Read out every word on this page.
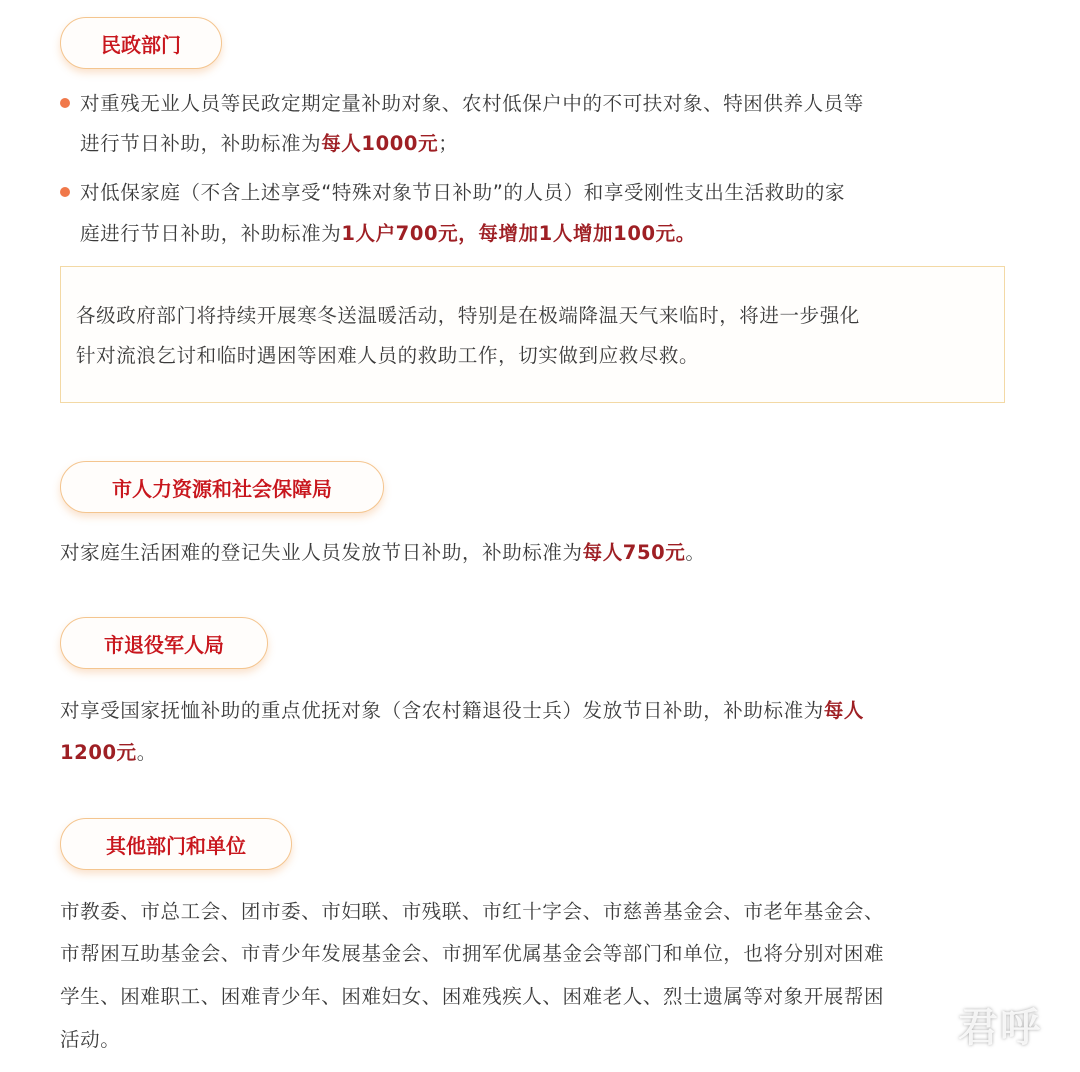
民政部门

对重残无业人员等民政定期定量补助对象、农村低保户中的不可扶对象、特困供养人员等

进行节日补助，补助标准为每人1000元；

对低保家庭（不含上述享受“特殊对象节日补助”的人员）和享受刚性支出生活救助的家

庭进行节日补助，补助标准为1人户700元，每增加1人增加100元。

各级政府部门将持续开展寒冬送温暖活动，特别是在极端降温天气来临时，将进一步强化

针对流浪乞讨和临时遇困等困难人员的救助工作，切实做到应救尽救。

市人力资源和社会保障局

对家庭生活困难的登记失业人员发放节日补助，补助标准为每人750元。

市退役军人局

对享受国家抚恤补助的重点优抚对象（含农村籍退役士兵）发放节日补助，补助标准为每人

1200元。

其他部门和单位

市教委、市总工会、团市委、市妇联、市残联、市红十字会、市慈善基金会、市老年基金会、

市帮困互助基金会、市青少年发展基金会、市拥军优属基金会等部门和单位，也将分别对困难

学生、困难职工、困难青少年、困难妇女、困难残疾人、困难老人、烈士遗属等对象开展帮困

活动。	君呼
